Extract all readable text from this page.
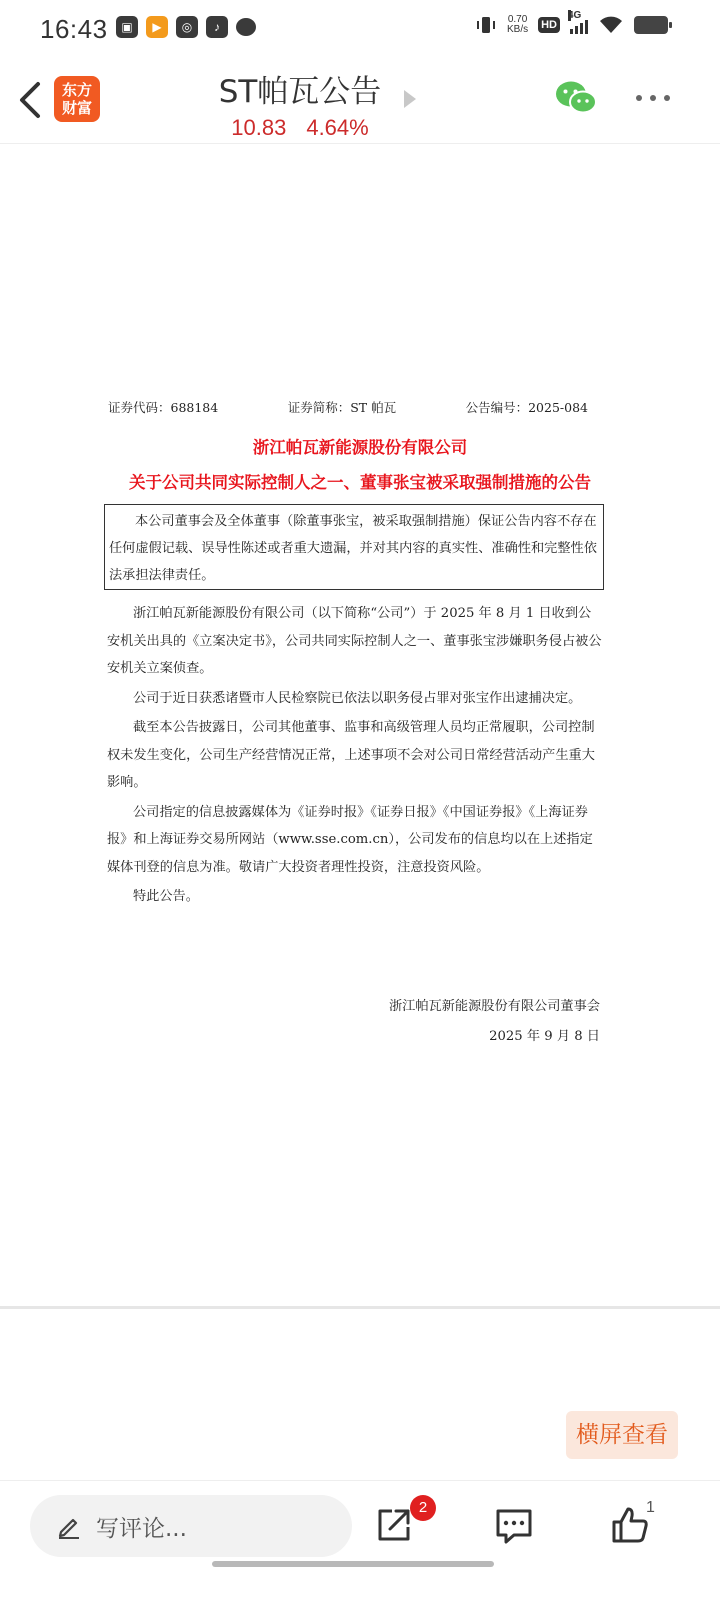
16:43	▣	▶	◎	♪
0.70
KB/s HD
4G
东方
财富	ST帕瓦公告
10.83 4.64%
证券代码：688184	证券简称：ST 帕瓦	公告编号：2025-084
浙江帕瓦新能源股份有限公司
关于公司共同实际控制人之一、董事张宝被采取强制措施的公告
本公司董事会及全体董事（除董事张宝，被采取强制措施）保证公告内容不存在任何虚假记载、误导性陈述或者重大遗漏，并对其内容的真实性、准确性和完整性依法承担法律责任。

浙江帕瓦新能源股份有限公司（以下简称“公司”）于 2025 年 8 月 1 日收到公安机关出具的《立案决定书》，公司共同实际控制人之一、董事张宝涉嫌职务侵占被公安机关立案侦查。

公司于近日获悉诸暨市人民检察院已依法以职务侵占罪对张宝作出逮捕决定。

截至本公告披露日，公司其他董事、监事和高级管理人员均正常履职，公司控制权未发生变化，公司生产经营情况正常，上述事项不会对公司日常经营活动产生重大影响。

公司指定的信息披露媒体为《证券时报》《证券日报》《中国证券报》《上海证券报》和上海证券交易所网站（www.sse.com.cn），公司发布的信息均以在上述指定媒体刊登的信息为准。敬请广大投资者理性投资，注意投资风险。

特此公告。

浙江帕瓦新能源股份有限公司董事会
2025 年 9 月 8 日
横屏查看
写评论...
2	1
